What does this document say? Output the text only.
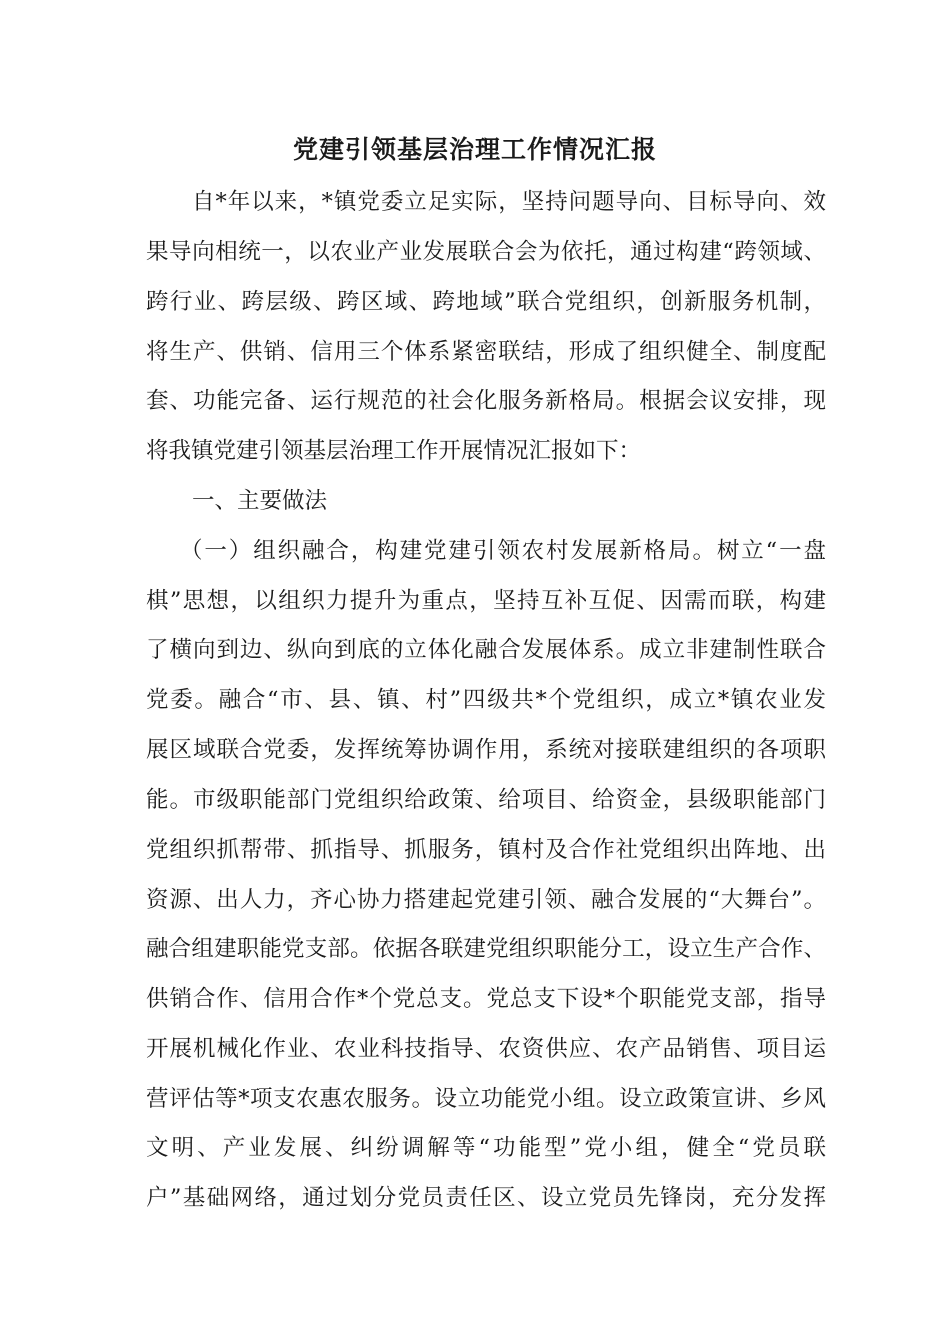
党建引领基层治理工作情况汇报
自*年以来，*镇党委立足实际，坚持问题导向、目标导向、效
果导向相统一，以农业产业发展联合会为依托，通过构建“跨领域、
跨行业、跨层级、跨区域、跨地域”联合党组织，创新服务机制，
将生产、供销、信用三个体系紧密联结，形成了组织健全、制度配
套、功能完备、运行规范的社会化服务新格局。根据会议安排，现
将我镇党建引领基层治理工作开展情况汇报如下：
一、主要做法
（一）组织融合，构建党建引领农村发展新格局。树立“一盘
棋”思想，以组织力提升为重点，坚持互补互促、因需而联，构建
了横向到边、纵向到底的立体化融合发展体系。成立非建制性联合
党委。融合“市、县、镇、村”四级共*个党组织，成立*镇农业发
展区域联合党委，发挥统筹协调作用，系统对接联建组织的各项职
能。市级职能部门党组织给政策、给项目、给资金，县级职能部门
党组织抓帮带、抓指导、抓服务，镇村及合作社党组织出阵地、出
资源、出人力，齐心协力搭建起党建引领、融合发展的“大舞台”。
融合组建职能党支部。依据各联建党组织职能分工，设立生产合作、
供销合作、信用合作*个党总支。党总支下设*个职能党支部，指导
开展机械化作业、农业科技指导、农资供应、农产品销售、项目运
营评估等*项支农惠农服务。设立功能党小组。设立政策宣讲、乡风
文明、产业发展、纠纷调解等“功能型”党小组，健全“党员联
户”基础网络，通过划分党员责任区、设立党员先锋岗，充分发挥
